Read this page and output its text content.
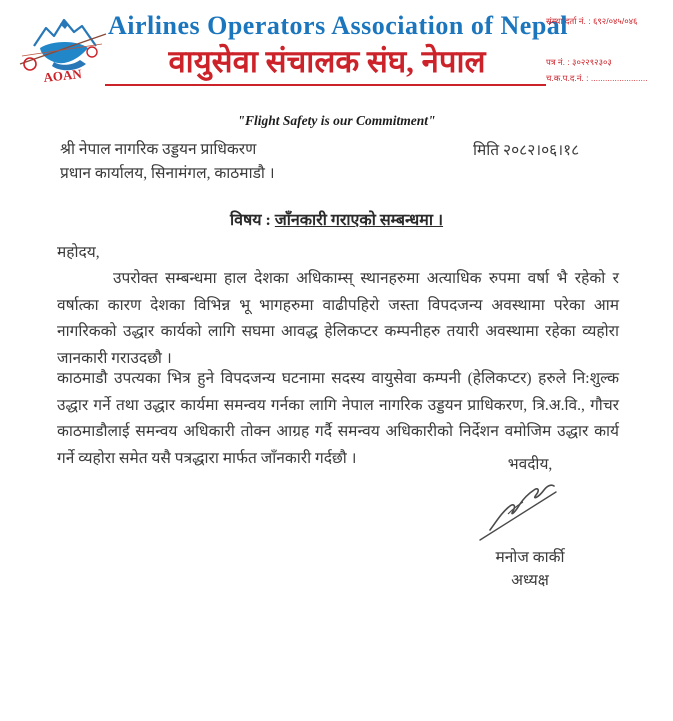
AOAN
Airlines Operators Association of Nepal
वायुसेवा संचालक संघ, नेपाल
संस्था दर्ता नं. : ६९२/०४५/०४६
पत्र नं. : ३०२२९२३०३
च.क.प.द.नं. : ........................
"Flight Safety is our Commitment"
श्री नेपाल नागरिक उड्डयन प्राधिकरण
प्रधान कार्यालय, सिनामंगल, काठमाडौ ।
मिति २०८२।०६।१८
विषय : जाँनकारी गराएको सम्बन्धमा ।
महोदय,
उपरोक्त सम्बन्धमा हाल देशका अधिकाम्स् स्थानहरुमा अत्याधिक रुपमा वर्षा भै रहेको र वर्षात्का कारण देशका विभिन्न भू भागहरुमा वाढीपहिरो जस्ता विपदजन्य अवस्थामा परेका आम नागरिकको उद्धार कार्यको लागि सघमा आवद्ध हेलिकप्टर कम्पनीहरु तयारी अवस्थामा रहेका व्यहोरा जानकारी गराउदछौ ।
काठमाडौ उपत्यका भित्र हुने विपदजन्य घटनामा सदस्य वायुसेवा कम्पनी (हेलिकप्टर) हरुले नि:शुल्क उद्धार गर्ने तथा उद्धार कार्यमा समन्वय गर्नका लागि नेपाल नागरिक उड्डयन प्राधिकरण, त्रि.अ.वि., गौचर काठमाडौलाई समन्वय अधिकारी तोक्न आग्रह गर्दै समन्वय अधिकारीको निर्देशन वमोजिम उद्धार कार्य गर्ने व्यहोरा समेत यसै पत्रद्धारा मार्फत जाँनकारी गर्दछौ ।	भवदीय,
मनोज कार्की
अध्यक्ष
